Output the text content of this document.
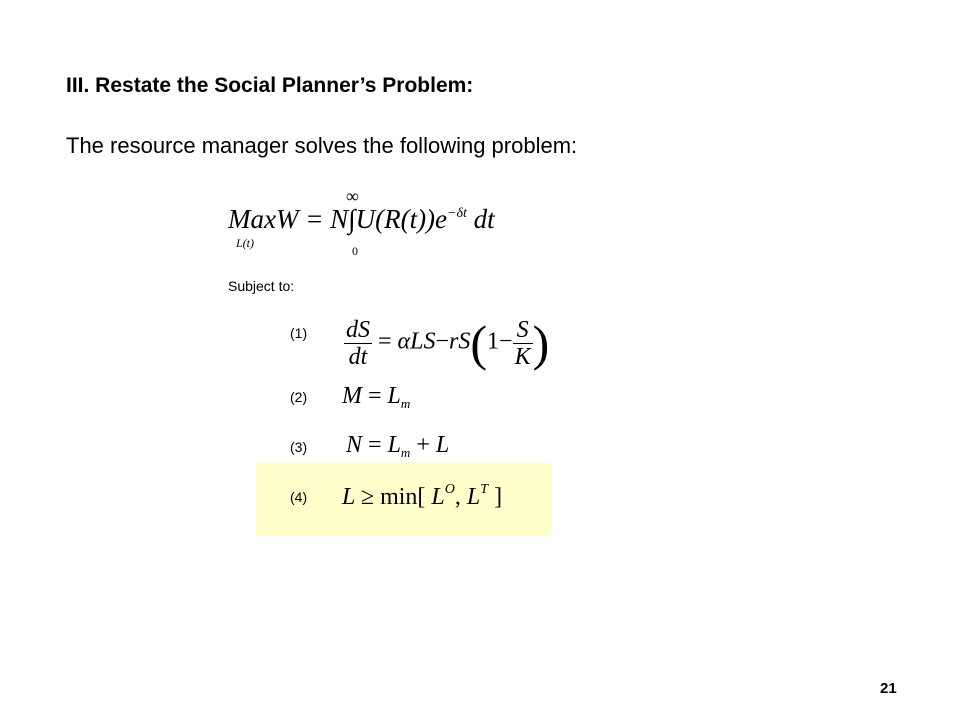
III. Restate the Social Planner’s Problem:
The resource manager solves the following problem:
∞
MaxW = $N\int U(R(t))e^{-\delta t}$ dt
L(t)
0
Subject to:
$(1) \frac{dS}{dt} = \alpha LS-rS(1- \frac{S}{K}$ )
(2) $M = L_m$
(3) $N = L_m + L$
(4) L ≥ min[ $L^O$, $L^T$ ]
21
